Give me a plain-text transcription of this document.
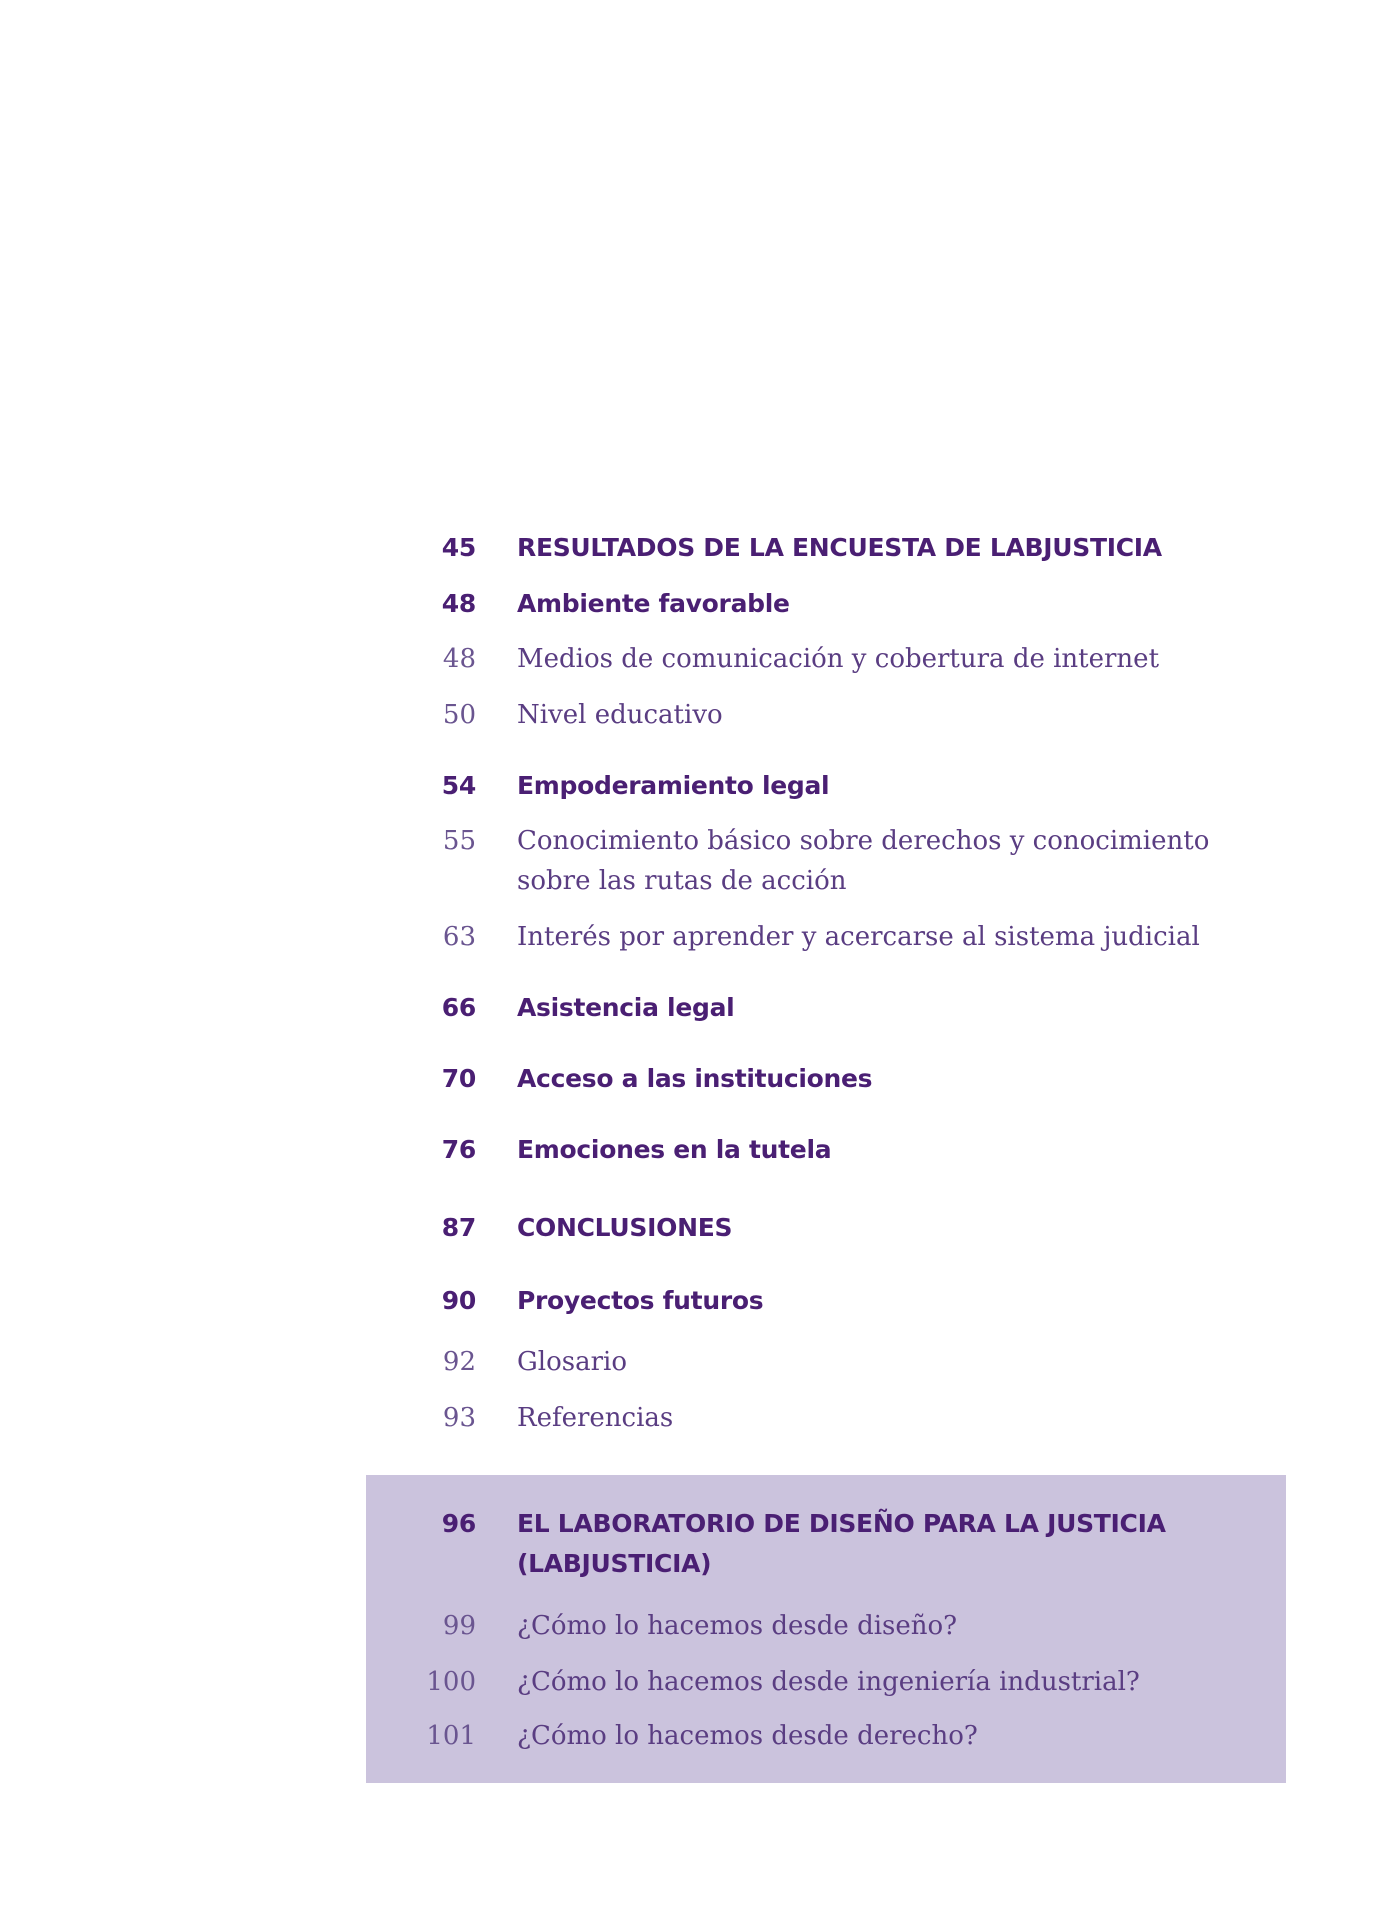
45 RESULTADOS DE LA ENCUESTA DE LABJUSTICIA
48 Ambiente favorable
48 Medios de comunicación y cobertura de internet
50 Nivel educativo
54 Empoderamiento legal
55 Conocimiento básico sobre derechos y conocimiento sobre las rutas de acción
63 Interés por aprender y acercarse al sistema judicial
66 Asistencia legal
70 Acceso a las instituciones
76 Emociones en la tutela
87 CONCLUSIONES
90 Proyectos futuros
92 Glosario
93 Referencias
96 EL LABORATORIO DE DISEÑO PARA LA JUSTICIA (LABJUSTICIA)
99 ¿Cómo lo hacemos desde diseño?
100 ¿Cómo lo hacemos desde ingeniería industrial?
101 ¿Cómo lo hacemos desde derecho?
